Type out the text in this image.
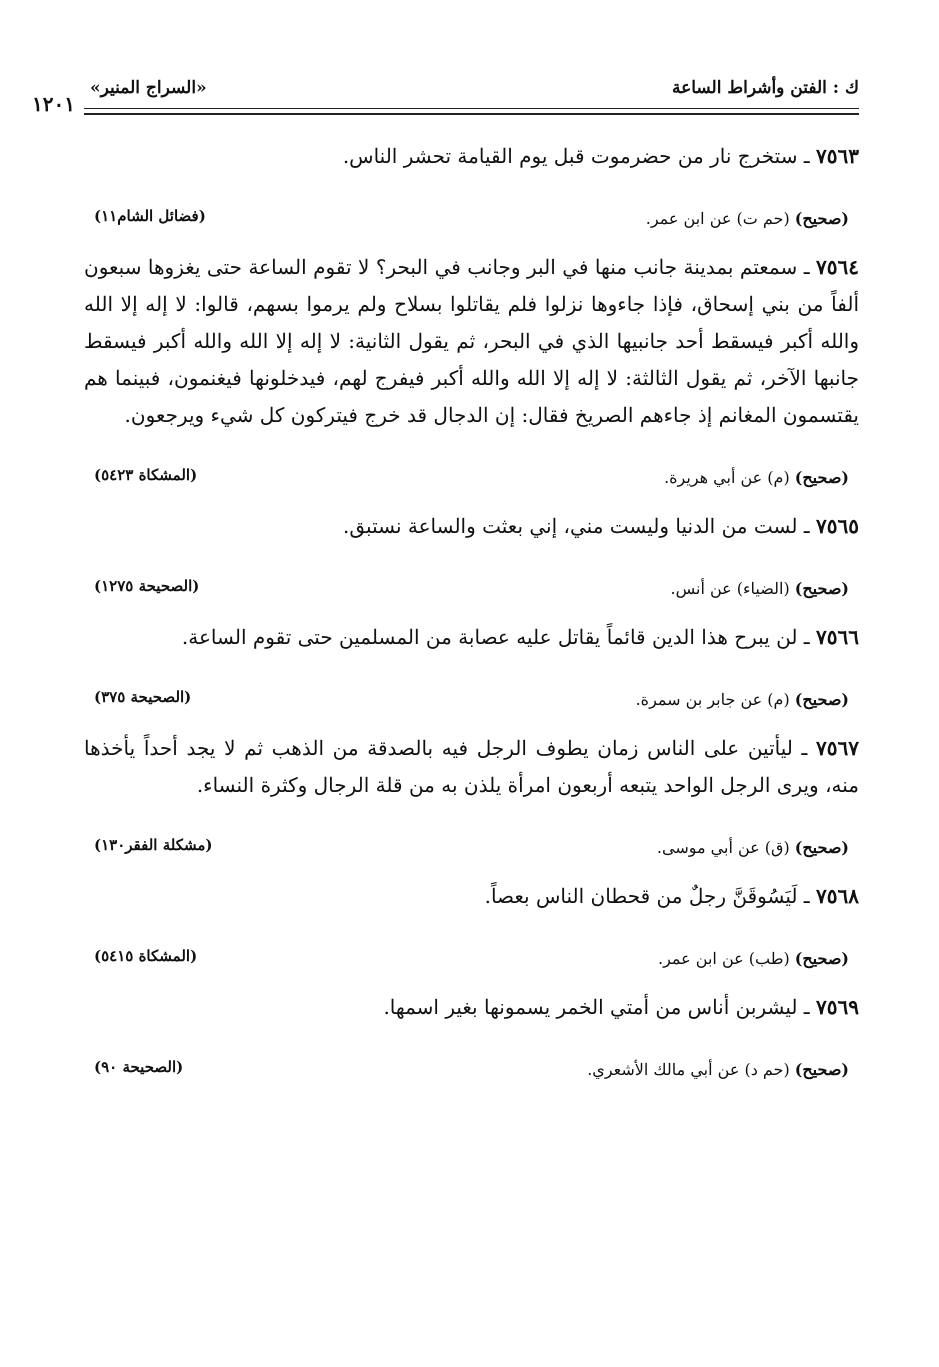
ك : الفتن وأشراط الساعة
«السراج المنير»
١٢٠١

٧٥٦٣ ـ ستخرج نار من حضرموت قبل يوم القيامة تحشر الناس.

(صحيح) (حم ت) عن ابن عمر.
(فضائل الشام١١)

٧٥٦٤ ـ سمعتم بمدينة جانب منها في البر وجانب في البحر؟ لا تقوم الساعة حتى يغزوها سبعون ألفاً من بني إسحاق، فإذا جاءوها نزلوا فلم يقاتلوا بسلاح ولم يرموا بسهم، قالوا: لا إله إلا الله والله أكبر فيسقط أحد جانبيها الذي في البحر، ثم يقول الثانية: لا إله إلا الله والله أكبر فيسقط جانبها الآخر، ثم يقول الثالثة: لا إله إلا الله والله أكبر فيفرج لهم، فيدخلونها فيغنمون، فبينما هم يقتسمون المغانم إذ جاءهم الصريخ فقال: إن الدجال قد خرج فيتركون كل شيء ويرجعون.

(صحيح) (م) عن أبي هريرة.
(المشكاة ٥٤٢٣)

٧٥٦٥ ـ لست من الدنيا وليست مني، إني بعثت والساعة نستبق.

(صحيح) (الضياء) عن أنس.
(الصحيحة ١٢٧٥)

٧٥٦٦ ـ لن يبرح هذا الدين قائماً يقاتل عليه عصابة من المسلمين حتى تقوم الساعة.

(صحيح) (م) عن جابر بن سمرة.
(الصحيحة ٣٧٥)

٧٥٦٧ ـ ليأتين على الناس زمان يطوف الرجل فيه بالصدقة من الذهب ثم لا يجد أحداً يأخذها منه، ويرى الرجل الواحد يتبعه أربعون امرأة يلذن به من قلة الرجال وكثرة النساء.

(صحيح) (ق) عن أبي موسى.
(مشكلة الفقر١٣٠)

٧٥٦٨ ـ لَيَسُوقَنَّ رجلٌ من قحطان الناس بعصاً.

(صحيح) (طب) عن ابن عمر.
(المشكاة ٥٤١٥)

٧٥٦٩ ـ ليشربن أناس من أمتي الخمر يسمونها بغير اسمها.

(صحيح) (حم د) عن أبي مالك الأشعري.
(الصحيحة ٩٠)
